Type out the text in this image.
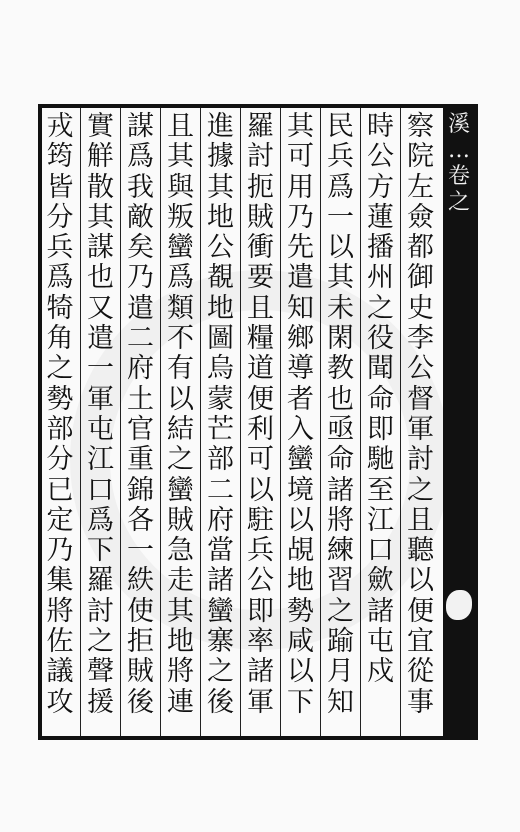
溪
…
卷
之
察
院
左
僉
都
御
史
李
公
督
軍
討
之
且
聽
以
便
宜
從
事
時
公
方
蓮
播
州
之
役
聞
命
即
馳
至
江
口
歛
諸
屯
戍
民
兵
爲
一
以
其
未
閑
教
也
亟
命
諸
將
練
習
之
踰
月
知
其
可
用
乃
先
遣
知
鄉
導
者
入
蠻
境
以
覘
地
勢
咸
以
下
羅
討
扼
賊
衝
要
且
糧
道
便
利
可
以
駐
兵
公
即
率
諸
軍
進
據
其
地
公
覩
地
圖
烏
蒙
芒
部
二
府
當
諸
蠻
寨
之
後
且
其
與
叛
蠻
爲
類
不
有
以
結
之
蠻
賊
急
走
其
地
將
連
謀
爲
我
敵
矣
乃
遣
二
府
土
官
重
錦
各
一
紩
使
拒
賊
後
實
觧
散
其
謀
也
又
遣
一
軍
屯
江
口
爲
下
羅
討
之
聲
援
戎
筠
皆
分
兵
爲
犄
角
之
勢
部
分
已
定
乃
集
將
佐
議
攻
